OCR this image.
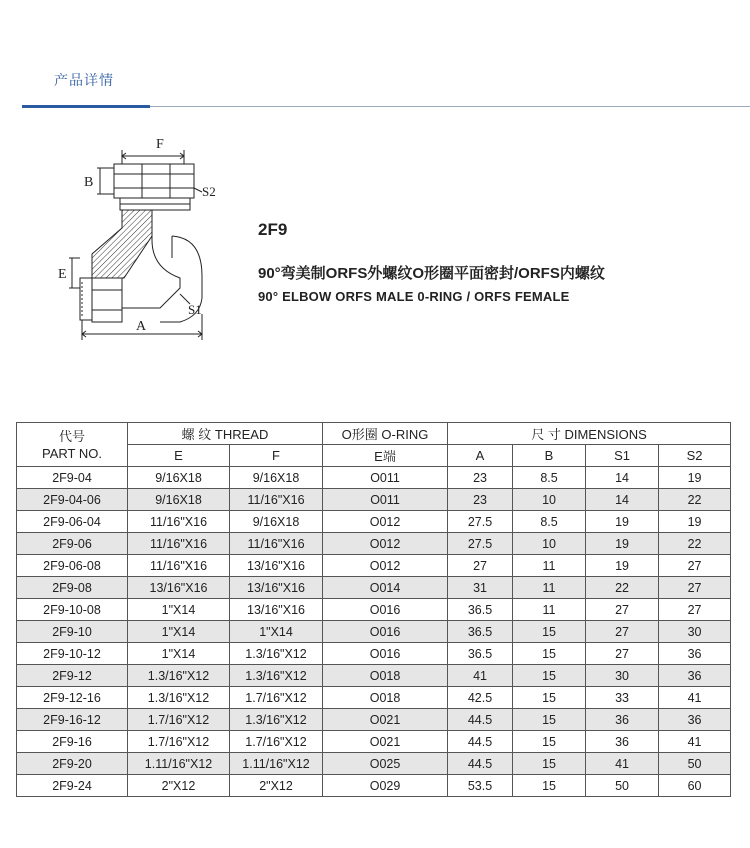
产品详情
F
B
S2
E
S1
A
2F9
90°弯美制ORFS外螺纹O形圈平面密封/ORFS内螺纹
90° ELBOW ORFS MALE 0-RING / ORFS FEMALE
代号
PART NO.	螺 纹 THREAD		O形圈 O-RING	尺 寸 DIMENSIONS			
	E	F	E端	A	B	S1	S2
2F9-04	9/16X18	9/16X18	O011	23	8.5	14	19
2F9-04-06	9/16X18	11/16"X16	O011	23	10	14	22
2F9-06-04	11/16"X16	9/16X18	O012	27.5	8.5	19	19
2F9-06	11/16"X16	11/16"X16	O012	27.5	10	19	22
2F9-06-08	11/16"X16	13/16"X16	O012	27	11	19	27
2F9-08	13/16"X16	13/16"X16	O014	31	11	22	27
2F9-10-08	1"X14	13/16"X16	O016	36.5	11	27	27
2F9-10	1"X14	1"X14	O016	36.5	15	27	30
2F9-10-12	1"X14	1.3/16"X12	O016	36.5	15	27	36
2F9-12	1.3/16"X12	1.3/16"X12	O018	41	15	30	36
2F9-12-16	1.3/16"X12	1.7/16"X12	O018	42.5	15	33	41
2F9-16-12	1.7/16"X12	1.3/16"X12	O021	44.5	15	36	36
2F9-16	1.7/16"X12	1.7/16"X12	O021	44.5	15	36	41
2F9-20	1.11/16"X12	1.11/16"X12	O025	44.5	15	41	50
2F9-24	2"X12	2"X12	O029	53.5	15	50	60
